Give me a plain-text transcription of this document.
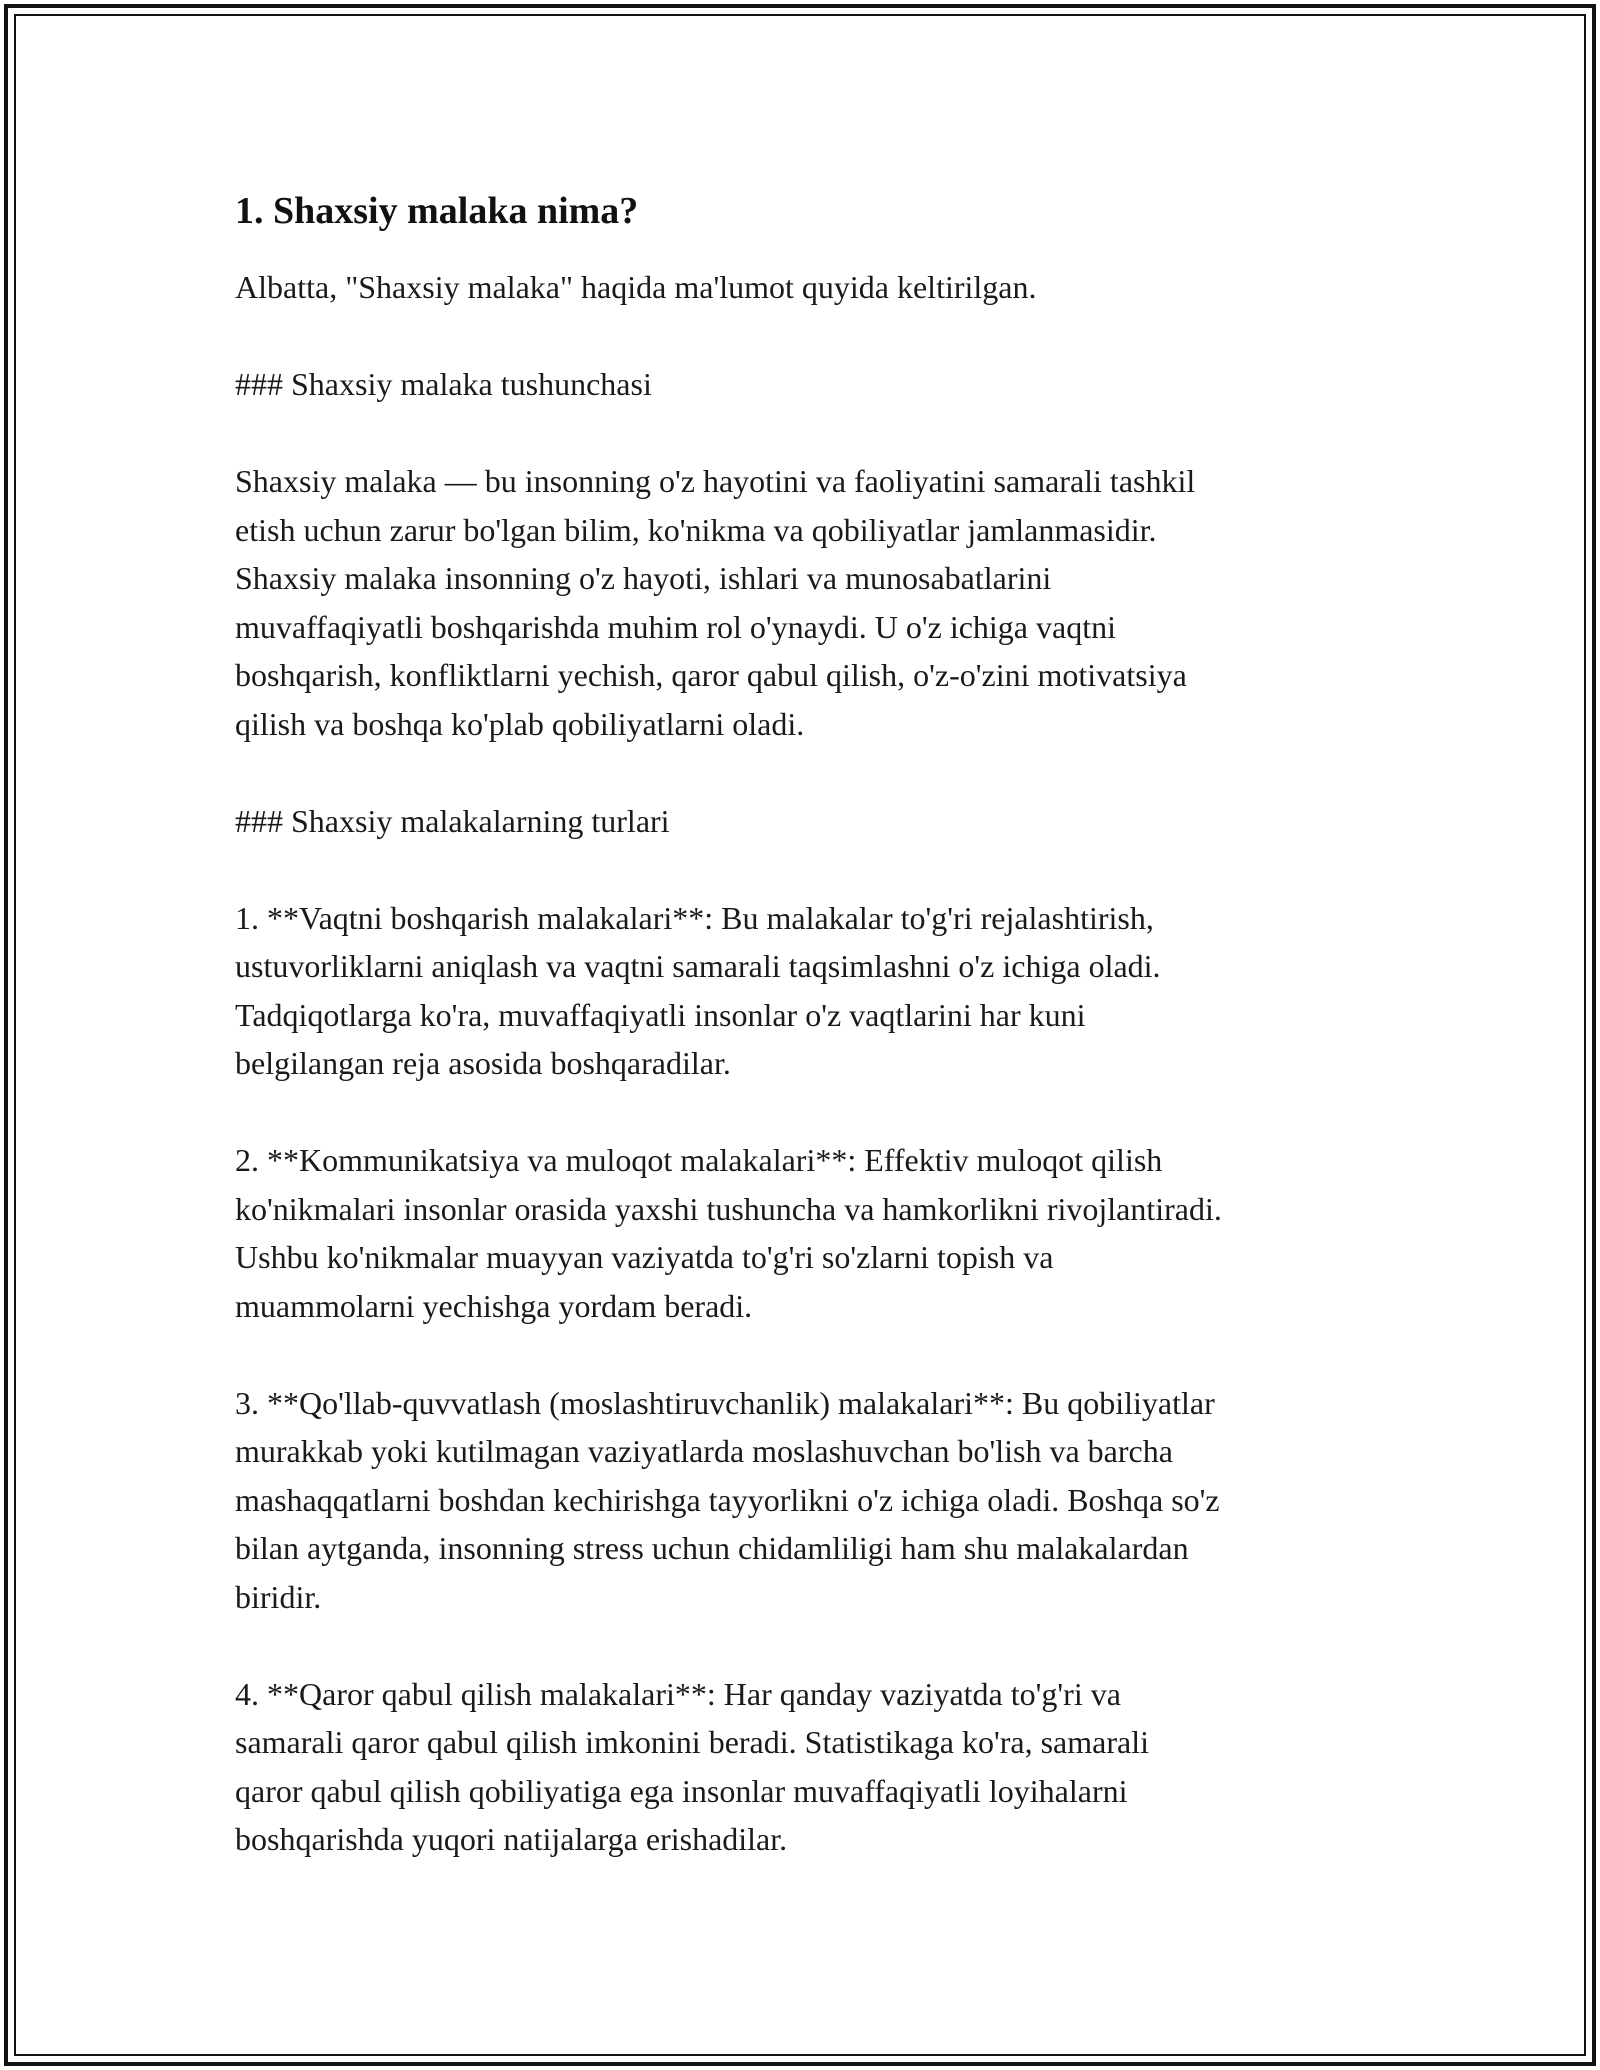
1. Shaxsiy malaka nima?

Albatta, "Shaxsiy malaka" haqida ma'lumot quyida keltirilgan.

### Shaxsiy malaka tushunchasi

Shaxsiy malaka — bu insonning o'z hayotini va faoliyatini samarali tashkil
etish uchun zarur bo'lgan bilim, ko'nikma va qobiliyatlar jamlanmasidir.
Shaxsiy malaka insonning o'z hayoti, ishlari va munosabatlarini
muvaffaqiyatli boshqarishda muhim rol o'ynaydi. U o'z ichiga vaqtni
boshqarish, konfliktlarni yechish, qaror qabul qilish, o'z-o'zini motivatsiya
qilish va boshqa ko'plab qobiliyatlarni oladi.

### Shaxsiy malakalarning turlari

1. **Vaqtni boshqarish malakalari**: Bu malakalar to'g'ri rejalashtirish,
ustuvorliklarni aniqlash va vaqtni samarali taqsimlashni o'z ichiga oladi.
Tadqiqotlarga ko'ra, muvaffaqiyatli insonlar o'z vaqtlarini har kuni
belgilangan reja asosida boshqaradilar.

2. **Kommunikatsiya va muloqot malakalari**: Effektiv muloqot qilish
ko'nikmalari insonlar orasida yaxshi tushuncha va hamkorlikni rivojlantiradi.
Ushbu ko'nikmalar muayyan vaziyatda to'g'ri so'zlarni topish va
muammolarni yechishga yordam beradi.

3. **Qo'llab-quvvatlash (moslashtiruvchanlik) malakalari**: Bu qobiliyatlar
murakkab yoki kutilmagan vaziyatlarda moslashuvchan bo'lish va barcha
mashaqqatlarni boshdan kechirishga tayyorlikni o'z ichiga oladi. Boshqa so'z
bilan aytganda, insonning stress uchun chidamliligi ham shu malakalardan
biridir.

4. **Qaror qabul qilish malakalari**: Har qanday vaziyatda to'g'ri va
samarali qaror qabul qilish imkonini beradi. Statistikaga ko'ra, samarali
qaror qabul qilish qobiliyatiga ega insonlar muvaffaqiyatli loyihalarni
boshqarishda yuqori natijalarga erishadilar.
